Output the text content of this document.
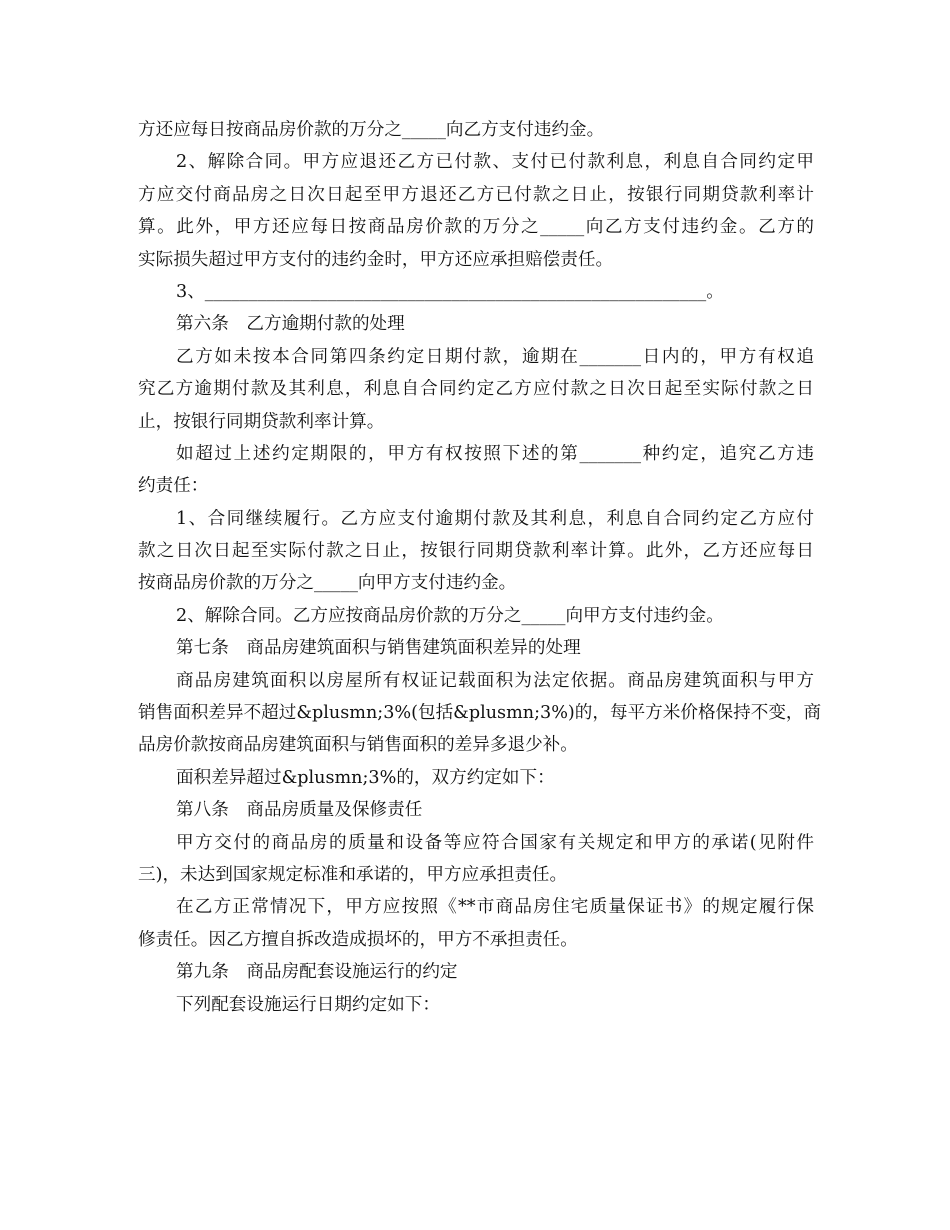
方还应每日按商品房价款的万分之_____向乙方支付违约金。
2、解除合同。甲方应退还乙方已付款、支付已付款利息，利息自合同约定甲
方应交付商品房之日次日起至甲方退还乙方已付款之日止，按银行同期贷款利率计
算。此外，甲方还应每日按商品房价款的万分之_____向乙方支付违约金。乙方的
实际损失超过甲方支付的违约金时，甲方还应承担赔偿责任。
3、_________________________________________________________。
第六条　乙方逾期付款的处理
乙方如未按本合同第四条约定日期付款，逾期在_______日内的，甲方有权追
究乙方逾期付款及其利息，利息自合同约定乙方应付款之日次日起至实际付款之日
止，按银行同期贷款利率计算。
如超过上述约定期限的，甲方有权按照下述的第_______种约定，追究乙方违
约责任：
1、合同继续履行。乙方应支付逾期付款及其利息，利息自合同约定乙方应付
款之日次日起至实际付款之日止，按银行同期贷款利率计算。此外，乙方还应每日
按商品房价款的万分之_____向甲方支付违约金。
2、解除合同。乙方应按商品房价款的万分之_____向甲方支付违约金。
第七条　商品房建筑面积与销售建筑面积差异的处理
商品房建筑面积以房屋所有权证记载面积为法定依据。商品房建筑面积与甲方
销售面积差异不超过&plusmn;3%(包括&plusmn;3%)的，每平方米价格保持不变，商
品房价款按商品房建筑面积与销售面积的差异多退少补。
面积差异超过&plusmn;3%的，双方约定如下：
第八条　商品房质量及保修责任
甲方交付的商品房的质量和设备等应符合国家有关规定和甲方的承诺(见附件
三)，未达到国家规定标准和承诺的，甲方应承担责任。
在乙方正常情况下，甲方应按照《**市商品房住宅质量保证书》的规定履行保
修责任。因乙方擅自拆改造成损坏的，甲方不承担责任。
第九条　商品房配套设施运行的约定
下列配套设施运行日期约定如下：
